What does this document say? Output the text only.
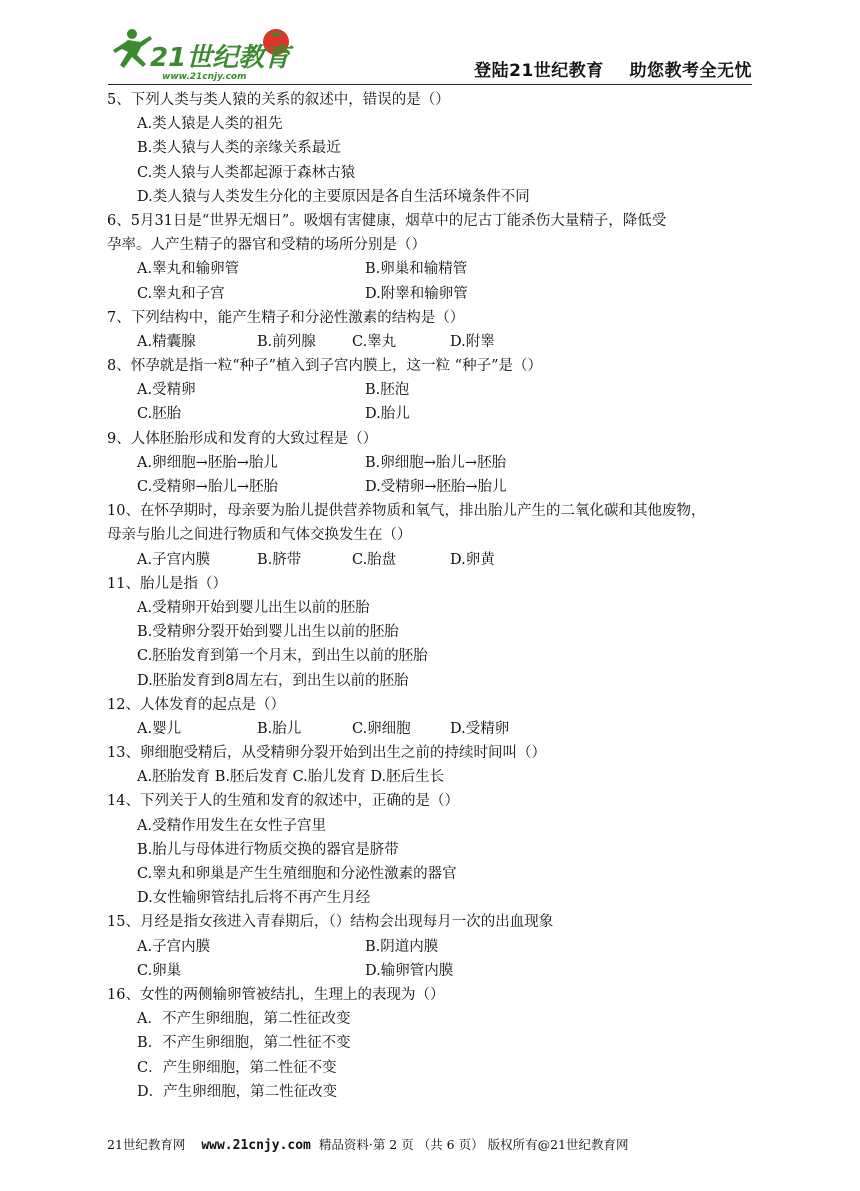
21世纪教育
www.21cnjy.com	登陆21世纪教育 助您教考全无忧
5、下列人类与类人猿的关系的叙述中，错误的是（）
A.类人猿是人类的祖先
B.类人猿与人类的亲缘关系最近
C.类人猿与人类都起源于森林古猿
D.类人猿与人类发生分化的主要原因是各自生活环境条件不同
6、5月31日是“世界无烟日”。吸烟有害健康，烟草中的尼古丁能杀伤大量精子，降低受
孕率。人产生精子的器官和受精的场所分别是（）
A.睾丸和输卵管	B.卵巢和输精管
C.睾丸和子宫	D.附睾和输卵管
7、下列结构中，能产生精子和分泌性激素的结构是（）
A.精囊腺	B.前列腺	C.睾丸	D.附睾
8、怀孕就是指一粒“种子”植入到子宫内膜上，这一粒 “种子”是（）
A.受精卵	B.胚泡
C.胚胎	D.胎儿
9、人体胚胎形成和发育的大致过程是（）
A.卵细胞→胚胎→胎儿	B.卵细胞→胎儿→胚胎
C.受精卵→胎儿→胚胎	D.受精卵→胚胎→胎儿
10、在怀孕期时，母亲要为胎儿提供营养物质和氧气，排出胎儿产生的二氧化碳和其他废物，
母亲与胎儿之间进行物质和气体交换发生在（）
A.子宫内膜	B.脐带	C.胎盘	D.卵黄
11、胎儿是指（）
A.受精卵开始到婴儿出生以前的胚胎
B.受精卵分裂开始到婴儿出生以前的胚胎
C.胚胎发育到第一个月末，到出生以前的胚胎
D.胚胎发育到8周左右，到出生以前的胚胎
12、人体发育的起点是（）
A.婴儿	B.胎儿	C.卵细胞	D.受精卵
13、卵细胞受精后，从受精卵分裂开始到出生之前的持续时间叫（）
A.胚胎发育 B.胚后发育 C.胎儿发育 D.胚后生长
14、下列关于人的生殖和发育的叙述中，正确的是（）
A.受精作用发生在女性子宫里
B.胎儿与母体进行物质交换的器官是脐带
C.睾丸和卵巢是产生生殖细胞和分泌性激素的器官
D.女性输卵管结扎后将不再产生月经
15、月经是指女孩进入青春期后，（）结构会出现每月一次的出血现象
A.子宫内膜	B.阴道内膜
C.卵巢	D.输卵管内膜
16、女性的两侧输卵管被结扎，生理上的表现为（）
A．不产生卵细胞，第二性征改变
B．不产生卵细胞，第二性征不变
C．产生卵细胞，第二性征不变
D．产生卵细胞，第二性征改变
21世纪教育网 www.21cnjy.com 精品资料·第 2 页 （共 6 页） 版权所有@21世纪教育网
